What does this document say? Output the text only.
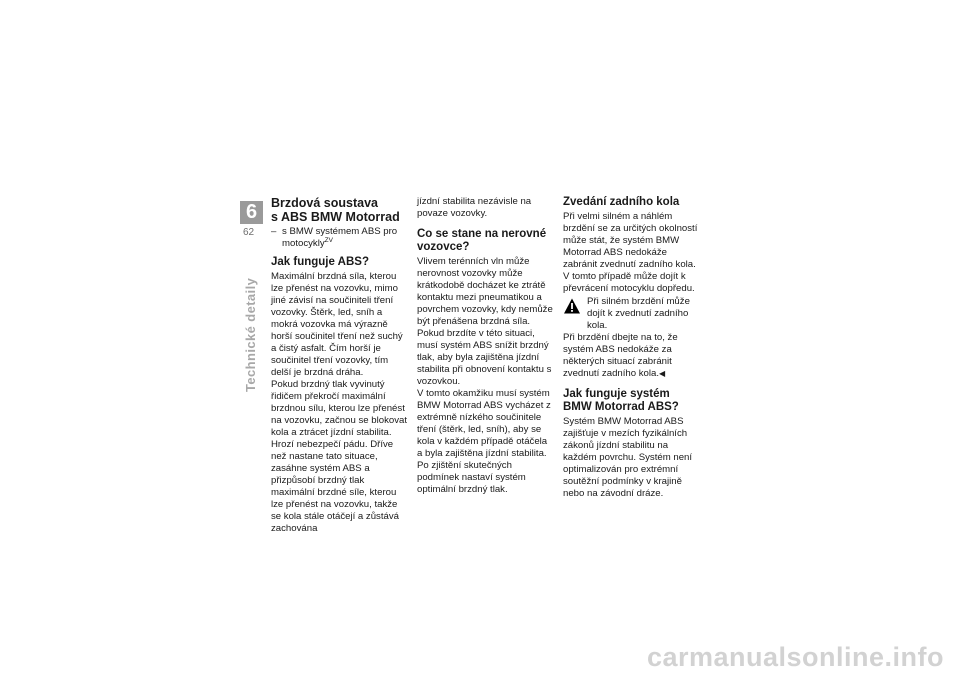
6
62
Technické detaily
Brzdová soustava
s ABS BMW Motorrad
– s BMW systémem ABS pro
motocykly$^{ZV}$
Jak funguje ABS?

Maximální brzdná síla, kterou lze přenést na vozovku, mimo jiné závisí na součiniteli tření vozovky. Štěrk, led, sníh a mokrá vozovka má výrazně horší součinitel tření než suchý a čistý asfalt. Čím horší je součinitel tření vozovky, tím delší je brzdná dráha.

Pokud brzdný tlak vyvinutý řidičem překročí maximální brzdnou sílu, kterou lze přenést na vozovku, začnou se blokovat kola a ztrácet jízdní stabilita. Hrozí nebezpečí pádu. Dříve než nastane tato situace, zasáhne systém ABS a přizpůsobí brzdný tlak maximální brzdné síle, kterou lze přenést na vozovku, takže se kola stále otáčejí a zůstává zachována

jízdní stabilita nezávisle na povaze vozovky.

Co se stane na nerovné vozovce?

Vlivem terénních vln může nerovnost vozovky může krátkodobě docházet ke ztrátě kontaktu mezi pneumatikou a povrchem vozovky, kdy nemůže být přenášena brzdná síla. Pokud brzdíte v této situaci, musí systém ABS snížit brzdný tlak, aby byla zajištěna jízdní stabilita při obnovení kontaktu s vozovkou.

V tomto okamžiku musí systém BMW Motorrad ABS vycházet z extrémně nízkého součinitele tření (štěrk, led, sníh), aby se kola v každém případě otáčela a byla zajištěna jízdní stabilita. Po zjištění skutečných podmínek nastaví systém optimální brzdný tlak.

Zvedání zadního kola

Při velmi silném a náhlém brzdění se za určitých okolností může stát, že systém BMW Motorrad ABS nedokáže zabránit zvednutí zadního kola. V tomto případě může dojít k převrácení motocyklu dopředu.

Při silném brzdění může dojít k zvednutí zadního kola.

Při brzdění dbejte na to, že systém ABS nedokáže za některých situací zabránit zvednutí zadního kola.◀

Jak funguje systém BMW Motorrad ABS?

Systém BMW Motorrad ABS zajišťuje v mezích fyzikálních zákonů jízdní stabilitu na každém povrchu. Systém není optimalizován pro extrémní soutěžní podmínky v krajině nebo na závodní dráze.

carmanualsonline.info
